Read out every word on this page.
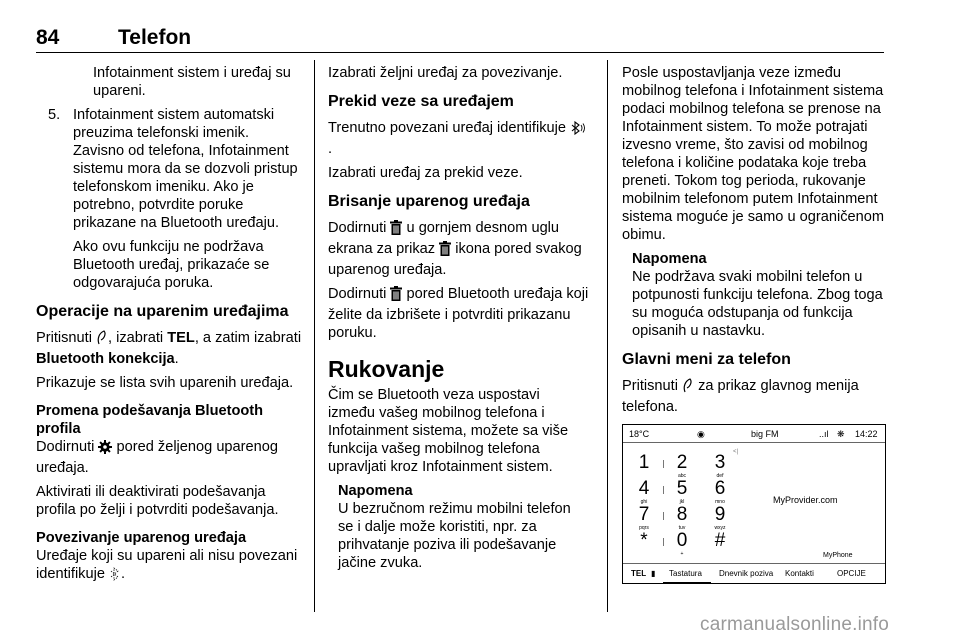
84	Telefon

Infotainment sistem i uređaj su upareni.

5. Infotainment sistem automatski preuzima telefonski imenik. Zavisno od telefona, Infotainment sistemu mora da se dozvoli pristup telefonskom imeniku. Ako je potrebno, potvrdite poruke prikazane na Bluetooth uređaju.

Ako ovu funkciju ne podržava Bluetooth uređaj, prikazaće se odgovarajuća poruka.

Operacije na uparenim uređajima

Pritisnuti , izabrati TEL, a zatim izabrati Bluetooth konekcija.

Prikazuje se lista svih uparenih uređaja.

Promena podešavanja Bluetooth profila

Dodirnuti  pored željenog uparenog uređaja.

Aktivirati ili deaktivirati podešavanja profila po želji i potvrditi podešavanja.

Povezivanje uparenog uređaja

Uređaje koji su upareni ali nisu povezani identifikuje .

Izabrati željni uređaj za povezivanje.

Prekid veze sa uređajem

Trenutno povezani uređaj identifikuje .

Izabrati uređaj za prekid veze.

Brisanje uparenog uređaja

Dodirnuti  u gornjem desnom uglu ekrana za prikaz  ikona pored svakog uparenog uređaja.

Dodirnuti  pored Bluetooth uređaja koji želite da izbrišete i potvrditi prikazanu poruku.

Rukovanje

Čim se Bluetooth veza uspostavi između vašeg mobilnog telefona i Infotainment sistema, možete sa više funkcija vašeg mobilnog telefona upravljati kroz Infotainment sistem.

Napomena

U bezručnom režimu mobilni telefon se i dalje može koristiti, npr. za prihvatanje poziva ili podešavanje jačine zvuka.

Posle uspostavljanja veze između mobilnog telefona i Infotainment sistema podaci mobilnog telefona se prenose na Infotainment sistem. To može potrajati izvesno vreme, što zavisi od mobilnog telefona i količine podataka koje treba preneti. Tokom tog perioda, rukovanje mobilnim telefonom putem Infotainment sistema moguće je samo u ograničenom obimu.

Napomena

Ne podržava svaki mobilni telefon u potpunosti funkciju telefona. Zbog toga su moguća odstupanja od funkcija opisanih u nastavku.

Glavni meni za telefon

Pritisnuti  za prikaz glavnog menija telefona.

18°C	◉	big FM	..ıl ❋ 14:22
<|
1	2
abc
3
def
4
ghi
5
jkl
6
mno
7
pqrs
8
tuv
9
wxyz
*	0
+
#
MyProvider.com
MyPhone
TEL ▮ Tastatura Dnevnik poziva Kontakti	OPCIJE
carmanualsonline.info
